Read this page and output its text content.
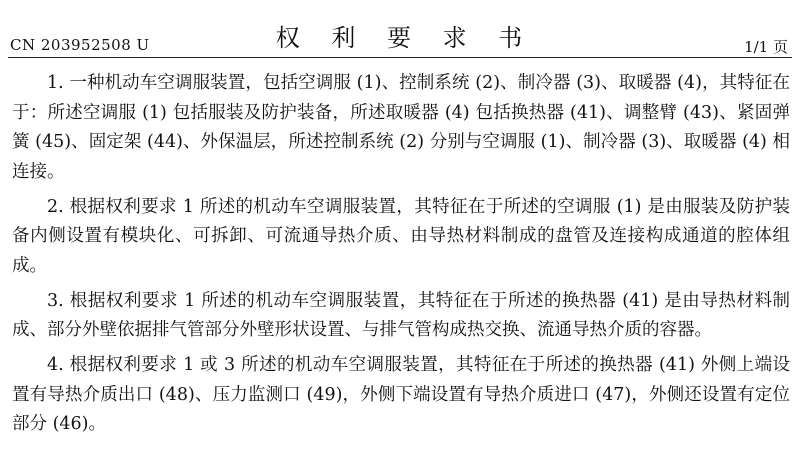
CN 203952508 U	权 利 要 求 书	1/1 页

1. 一种机动车空调服装置，包括空调服 (1)、控制系统 (2)、制冷器 (3)、取暖器 (4)，其特征在于：所述空调服 (1) 包括服装及防护装备，所述取暖器 (4) 包括换热器 (41)、调整臂 (43)、紧固弹簧 (45)、固定架 (44)、外保温层，所述控制系统 (2) 分别与空调服 (1)、制冷器 (3)、取暖器 (4) 相连接。

2. 根据权利要求 1 所述的机动车空调服装置，其特征在于所述的空调服 (1) 是由服装及防护装备内侧设置有模块化、可拆卸、可流通导热介质、由导热材料制成的盘管及连接构成通道的腔体组成。

3. 根据权利要求 1 所述的机动车空调服装置，其特征在于所述的换热器 (41) 是由导热材料制成、部分外壁依据排气管部分外壁形状设置、与排气管构成热交换、流通导热介质的容器。

4. 根据权利要求 1 或 3 所述的机动车空调服装置，其特征在于所述的换热器 (41) 外侧上端设置有导热介质出口 (48)、压力监测口 (49)，外侧下端设置有导热介质进口 (47)，外侧还设置有定位部分 (46)。
